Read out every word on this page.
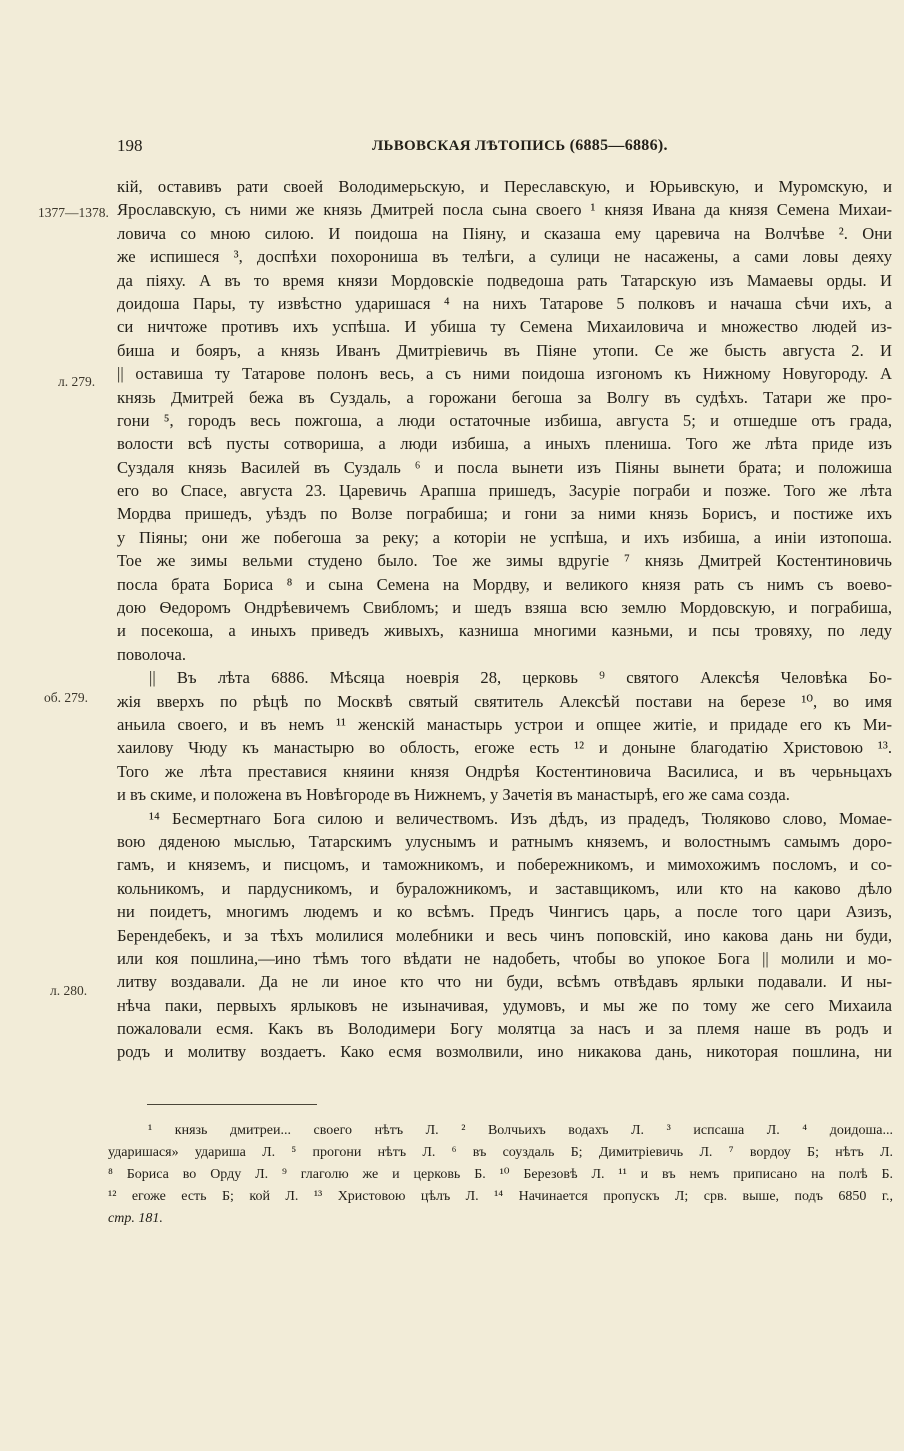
198	ЛЬВОВСКАЯ ЛѢТОПИСЬ (6885—6886).
1377—1378.
л. 279.
об. 279.
л. 280.
кій, оставивъ рати своей Володимерьскую, и Переславскую, и Юрьивскую, и Муромскую, и
Ярославскую, съ ними же князь Дмитрей посла сына своего ¹ князя Ивана да князя Семена Михаи-
ловича со мною силою. И поидоша на Піяну, и сказаша ему царевича на Волчѣве ². Они
же испишеся ³, доспѣхи похорониша въ телѣги, а сулици не насажены, а сами ловы деяху
да піяху. А въ то время князи Мордовскіе подведоша рать Татарскую изъ Мамаевы орды. И
доидоша Пары, ту извѣстно ударишася ⁴ на нихъ Татарове 5 полковъ и начаша сѣчи ихъ, а
си ничтоже противъ ихъ успѣша. И убиша ту Семена Михаиловича и множество людей из-
биша и бояръ, а князь Иванъ Дмитріевичь въ Піяне утопи. Се же бысть августа 2. И
|| оставиша ту Татарове полонъ весь, а съ ними поидоша изгономъ къ Нижному Новугороду. А
князь Дмитрей бежа въ Суздаль, а горожани бегоша за Волгу въ судѣхъ. Татари же про-
гони ⁵, городъ весь пожгоша, а люди остаточные избиша, августа 5; и отшедше отъ града,
волости всѣ пусты сотвориша, а люди избиша, а иныхъ плениша. Того же лѣта приде изъ
Суздаля князь Василей въ Суздаль ⁶ и посла вынети изъ Піяны вынети брата; и положиша
его во Спасе, августа 23. Царевичь Арапша пришедъ, Засуріе пограби и позже. Того же лѣта
Мордва пришедъ, уѣздъ по Волзе пограбиша; и гони за ними князь Борисъ, и постиже ихъ
у Піяны; они же побегоша за реку; а которіи не успѣша, и ихъ избиша, а иніи изтопоша.
Тое же зимы вельми студено было. Тое же зимы вдругіе ⁷ князь Дмитрей Костентиновичь
посла брата Бориса ⁸ и сына Семена на Мордву, и великого князя рать съ нимъ съ воево-
дою Ѳедоромъ Ондрѣевичемъ Свибломъ; и шедъ взяша всю землю Мордовскую, и пограбиша,
и посекоша, а иныхъ приведъ живыхъ, казниша многими казньми, и псы тровяху, по леду
поволоча.
|| Въ лѣта 6886. Мѣсяца ноеврія 28, церковь ⁹ святого Алексѣя Человѣка Бо-
жія вверхъ по рѣцѣ по Москвѣ святый святитель Алексѣй постави на березе ¹⁰, во имя
аньила своего, и въ немъ ¹¹ женскій манастырь устрои и опщее житіе, и придаде его къ Ми-
хаилову Чюду къ манастырю во облость, егоже есть ¹² и доныне благодатію Христовою ¹³.
Того же лѣта преставися княини князя Ондрѣя Костентиновича Василиса, и въ черьньцахъ
и въ скиме, и положена въ Новѣгороде въ Нижнемъ, у Зачетія въ манастырѣ, его же сама созда.
¹⁴ Бесмертнаго Бога силою и величествомъ. Изъ дѣдъ, из прадедъ, Тюляково слово, Момае-
вою дяденою мыслью, Татарскимъ улуснымъ и ратнымъ княземъ, и волостнымъ самымъ доро-
гамъ, и княземъ, и писцомъ, и таможникомъ, и побережникомъ, и мимохожимъ посломъ, и со-
кольникомъ, и пардусникомъ, и бураложникомъ, и заставщикомъ, или кто на каково дѣло
ни поидетъ, многимъ людемъ и ко всѣмъ. Предъ Чингисъ царь, а после того цари Азизъ,
Берендебекъ, и за тѣхъ молилися молебники и весь чинъ поповскій, ино какова дань ни буди,
или коя пошлина,—ино тѣмъ того вѣдати не надобеть, чтобы во упокое Бога || молили и мо-
литву воздавали. Да не ли иное кто что ни буди, всѣмъ отвѣдавъ ярлыки подавали. И ны-
нѣча паки, первыхъ ярлыковъ не изыначивая, удумовъ, и мы же по тому же сего Михаила
пожаловали есмя. Какъ въ Володимери Богу молятца за насъ и за племя наше въ родъ и
родъ и молитву воздаетъ. Како есмя возмолвили, ино никакова дань, никоторая пошлина, ни
¹ князь дмитреи... своего нѣтъ Л. ² Волчьихъ водахъ Л. ³ испсаша Л. ⁴ доидоша...
ударишася» удариша Л. ⁵ прогони нѣтъ Л. ⁶ въ соуздаль Б; Димитріевичь Л. ⁷ вордоу Б; нѣтъ Л.
⁸ Бориса во Орду Л. ⁹ глаголю же и церковь Б. ¹⁰ Березовѣ Л. ¹¹ и въ немъ приписано на полѣ Б.
¹² егоже есть Б; кой Л. ¹³ Христовою цѣлъ Л. ¹⁴ Начинается пропускъ Л; срв. выше, подъ 6850 г.,
стр. 181.
